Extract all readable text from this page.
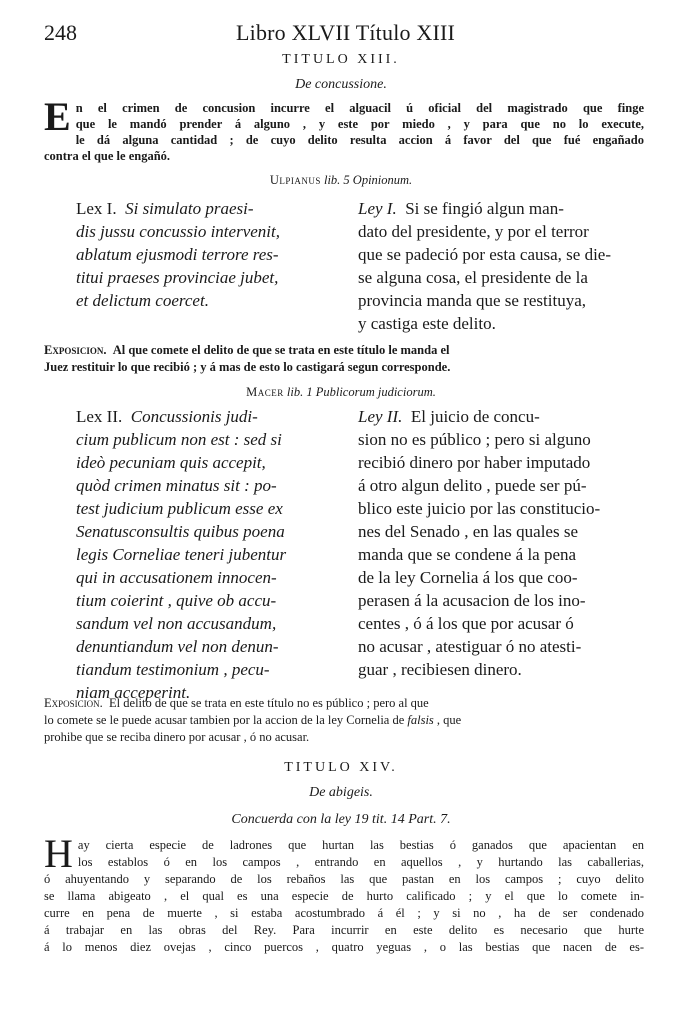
248	Libro XLVII Título XIII
TITULO XIII.
De concussione.
E n el crimen de concusion incurre el alguacil ú oficial del magistrado que finge
que le mandó prender á alguno , y este por miedo , y para que no lo execute,
le dá alguna cantidad ; de cuyo delito resulta accion á favor del que fué engañado
contra el que le engañó.
Ulpianus lib. 5 Opinionum.
Lex I. Si simulato praesi-
dis jussu concussio intervenit,
ablatum ejusmodi terrore res-
titui praeses provinciae jubet,
et delictum coercet.
Ley I. Si se fingió algun man-
dato del presidente, y por el terror
que se padeció por esta causa, se die-
se alguna cosa, el presidente de la
provincia manda que se restituya,
y castiga este delito.
Exposicion. Al que comete el delito de que se trata en este título le manda el
Juez restituir lo que recibió ; y á mas de esto lo castigará segun corresponde.
Macer lib. 1 Publicorum judiciorum.
Lex II. Concussionis judi-
cium publicum non est : sed si
ideò pecuniam quis accepit,
quòd crimen minatus sit : po-
test judicium publicum esse ex
Senatusconsultis quibus poena
legis Corneliae teneri jubentur
qui in accusationem innocen-
tium coierint , quive ob accu-
sandum vel non accusandum,
denuntiandum vel non denun-
tiandum testimonium , pecu-
niam acceperint.
Ley II. El juicio de concu-
sion no es público ; pero si alguno
recibió dinero por haber imputado
á otro algun delito , puede ser pú-
blico este juicio por las constitucio-
nes del Senado , en las quales se
manda que se condene á la pena
de la ley Cornelia á los que coo-
perasen á la acusacion de los ino-
centes , ó á los que por acusar ó
no acusar , atestiguar ó no atesti-
guar , recibiesen dinero.
Exposicion. El delito de que se trata en este título no es público ; pero al que
lo comete se le puede acusar tambien por la accion de la ley Cornelia de falsis , que
prohibe que se reciba dinero por acusar , ó no acusar.
TITULO XIV.
De abigeis.
Concuerda con la ley 19 tit. 14 Part. 7.
H ay cierta especie de ladrones que hurtan las bestias ó ganados que apacientan en
los establos ó en los campos , entrando en aquellos , y hurtando las caballerias,
ó ahuyentando y separando de los rebaños las que pastan en los campos ; cuyo delito
se llama abigeato , el qual es una especie de hurto calificado ; y el que lo comete in-
curre en pena de muerte , si estaba acostumbrado á él ; y si no , ha de ser condenado
á trabajar en las obras del Rey. Para incurrir en este delito es necesario que hurte
á lo menos diez ovejas , cinco puercos , quatro yeguas , o las bestias que nacen de es-
